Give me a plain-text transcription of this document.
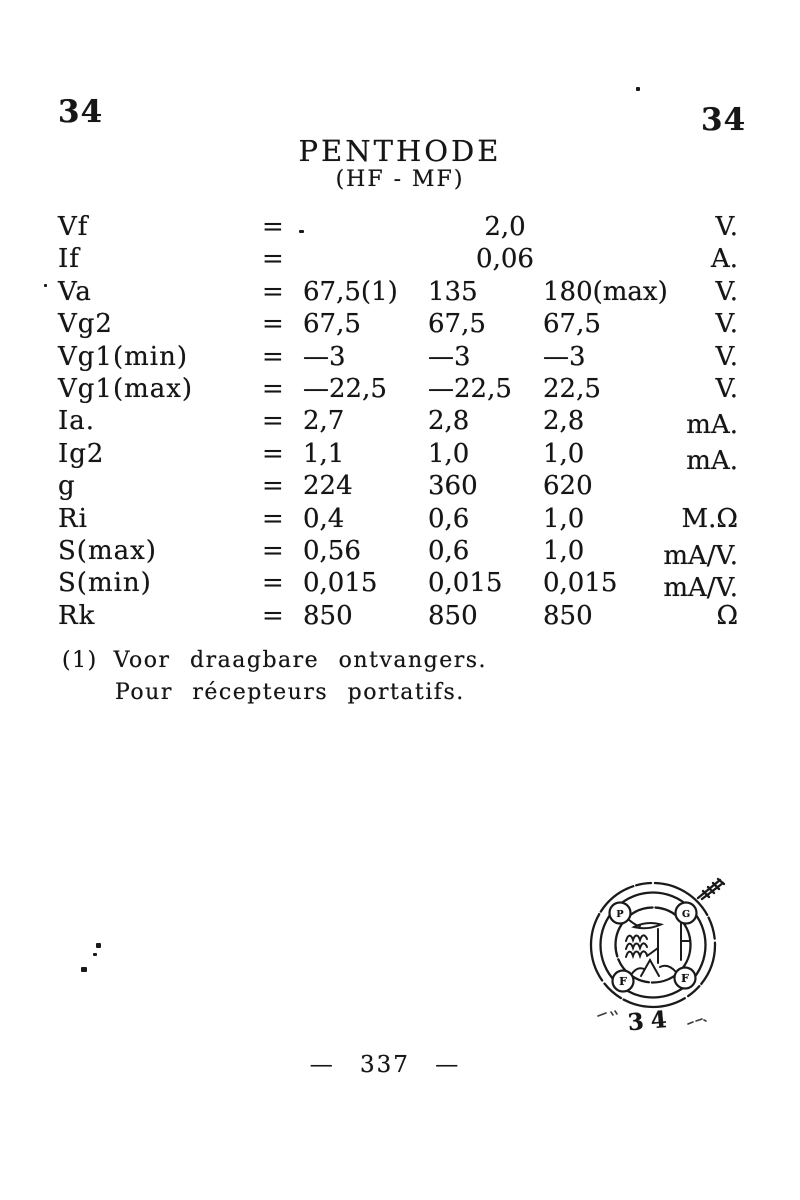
34	34
PENTHODE
(HF - MF)
Vf	=	2,0	V.
If	=	0,06	A.
Va	= 67,5(1) 135	180(max) V.
Vg2	= 67,5	67,5 67,5	V.
Vg1(min)	= —3	—3	—3	V.
Vg1(max)	= —22,5 —22,5 22,5	V.
Ia.	= 2,7	2,8	2,8	mA.
Ig2	= 1,1	1,0	1,0	mA.
g	= 224	360	620
Ri	= 0,4	0,6	1,0	M.Ω
S(max)	= 0,56	0,6	1,0	mA/V.
S(min)	= 0,015 0,015 0,015 mA/V.
Rk	= 850	850	850	Ω
(1) Voor draagbare ontvangers.
Pour récepteurs portatifs.
P	G
F	F
34
— 337 —
